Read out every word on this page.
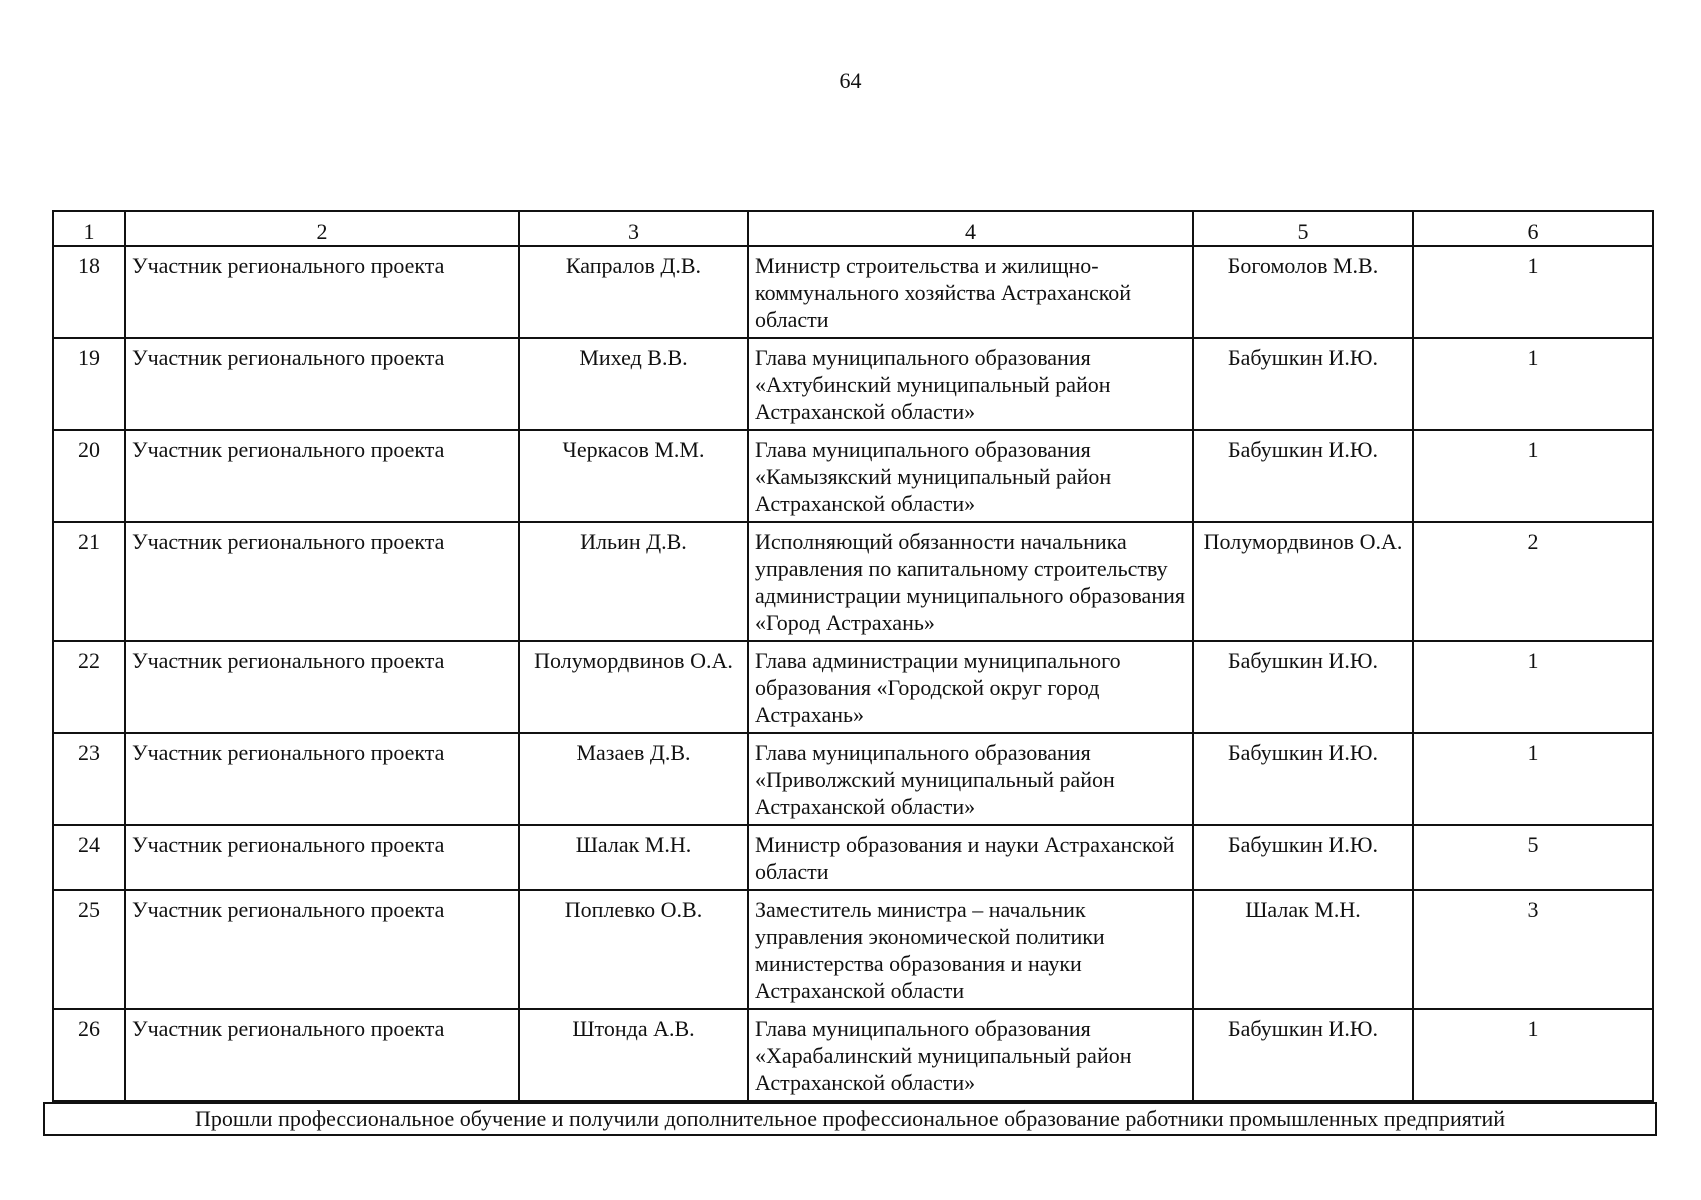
64
1	2	3	4	5	6
18	Участник регионального проекта	Капралов Д.В.	Министр строительства и жилищно-коммунального хозяйства Астраханской области	Богомолов М.В.	1
19	Участник регионального проекта	Михед В.В.	Глава муниципального образования «Ахтубинский муниципальный район Астраханской области»	Бабушкин И.Ю.	1
20	Участник регионального проекта	Черкасов М.М.	Глава муниципального образования «Камызякский муниципальный район Астраханской области»	Бабушкин И.Ю.	1
21	Участник регионального проекта	Ильин Д.В.	Исполняющий обязанности начальника управления по капитальному строительству администрации муниципального образования «Город Астрахань»	Полумордвинов О.А.	2
22	Участник регионального проекта	Полумордвинов О.А.	Глава администрации муниципального образования «Городской округ город Астрахань»	Бабушкин И.Ю.	1
23	Участник регионального проекта	Мазаев Д.В.	Глава муниципального образования «Приволжский муниципальный район Астраханской области»	Бабушкин И.Ю.	1
24	Участник регионального проекта	Шалак М.Н.	Министр образования и науки Астраханской области	Бабушкин И.Ю.	5
25	Участник регионального проекта	Поплевко О.В.	Заместитель министра – начальник управления экономической политики министерства образования и науки Астраханской области	Шалак М.Н.	3
26	Участник регионального проекта	Штонда А.В.	Глава муниципального образования «Харабалинский муниципальный район Астраханской области»	Бабушкин И.Ю.	1
Прошли профессиональное обучение и получили дополнительное профессиональное образование работники промышленных предприятий
